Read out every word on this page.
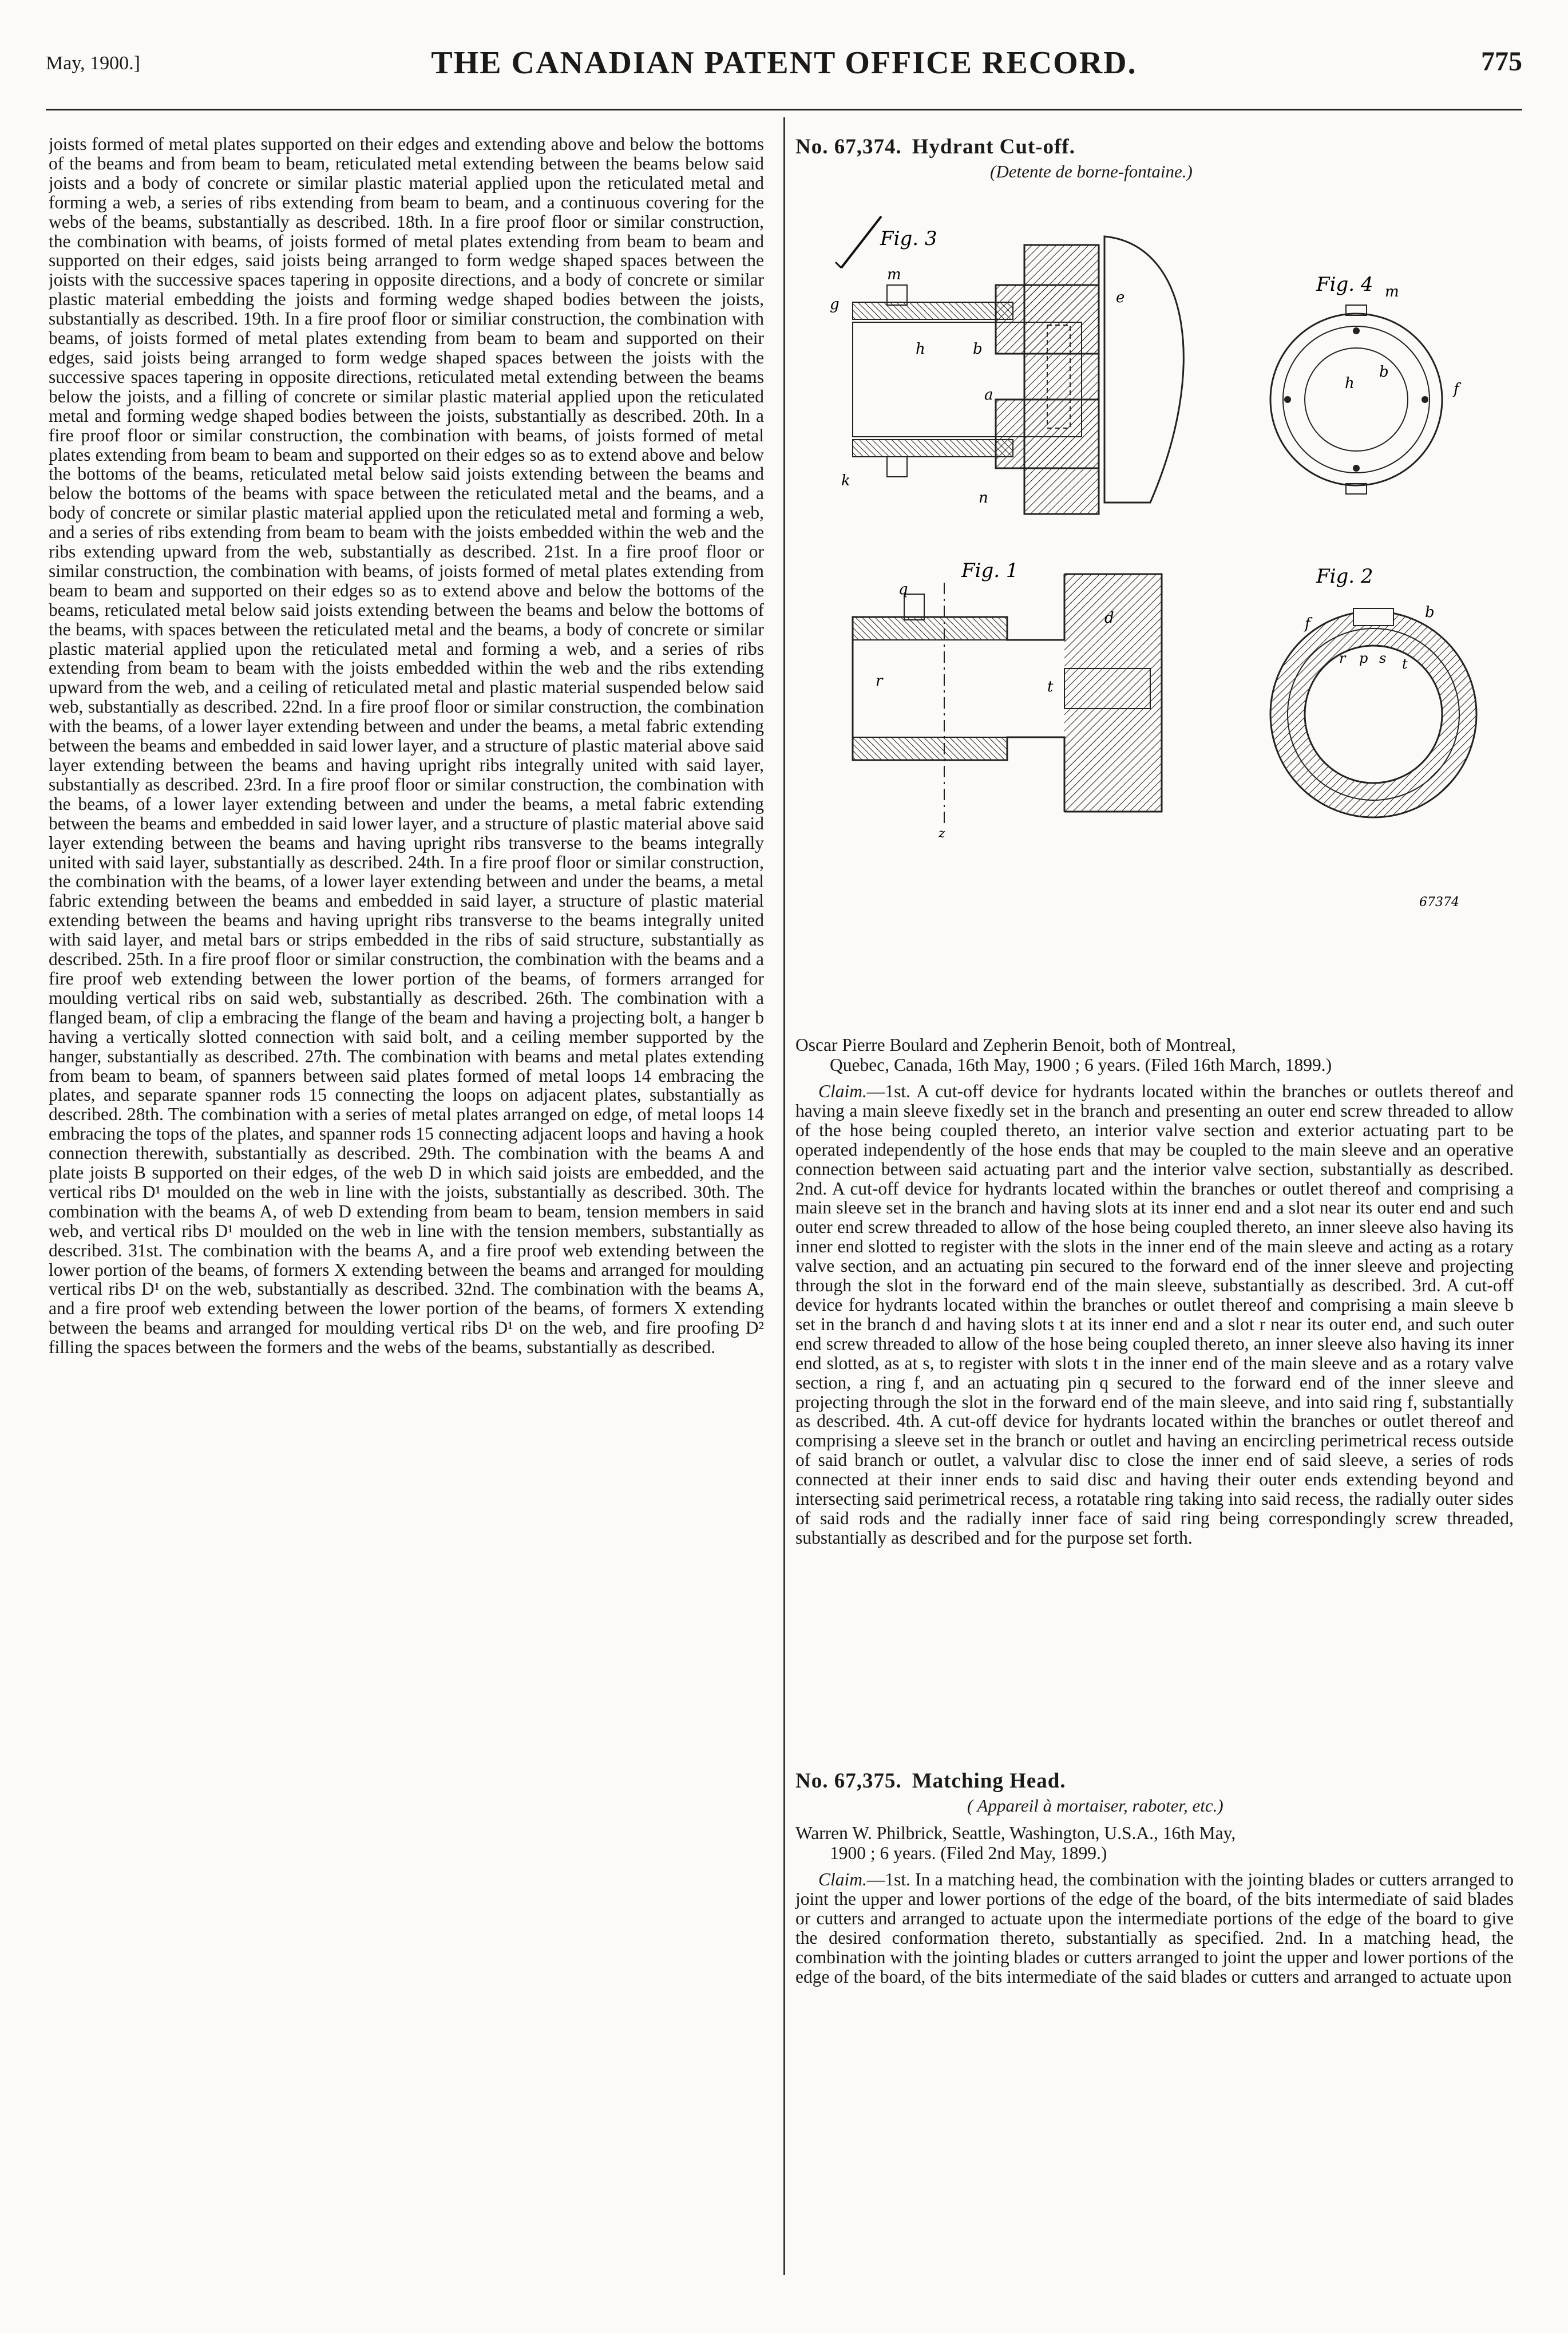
May, 1900.]	THE CANADIAN PATENT OFFICE RECORD.	775

joists formed of metal plates supported on their edges and extending above and below the bottoms of the beams and from beam to beam, reticulated metal extending between the beams below said joists and a body of concrete or similar plastic material applied upon the reticulated metal and forming a web, a series of ribs extending from beam to beam, and a continuous covering for the webs of the beams, substantially as described. 18th. In a fire proof floor or similar construction, the combination with beams, of joists formed of metal plates extending from beam to beam and supported on their edges, said joists being arranged to form wedge shaped spaces between the joists with the successive spaces tapering in opposite directions, and a body of concrete or similar plastic material embedding the joists and forming wedge shaped bodies between the joists, substantially as described. 19th. In a fire proof floor or similiar construction, the combination with beams, of joists formed of metal plates extending from beam to beam and supported on their edges, said joists being arranged to form wedge shaped spaces between the joists with the successive spaces tapering in opposite directions, reticulated metal extending between the beams below the joists, and a filling of concrete or similar plastic material applied upon the reticulated metal and forming wedge shaped bodies between the joists, substantially as described. 20th. In a fire proof floor or similar construction, the combination with beams, of joists formed of metal plates extending from beam to beam and supported on their edges so as to extend above and below the bottoms of the beams, reticulated metal below said joists extending between the beams and below the bottoms of the beams with space between the reticulated metal and the beams, and a body of concrete or similar plastic material applied upon the reticulated metal and forming a web, and a series of ribs extending from beam to beam with the joists embedded within the web and the ribs extending upward from the web, substantially as described. 21st. In a fire proof floor or similar construction, the combination with beams, of joists formed of metal plates extending from beam to beam and supported on their edges so as to extend above and below the bottoms of the beams, reticulated metal below said joists extending between the beams and below the bottoms of the beams, with spaces between the reticulated metal and the beams, a body of concrete or similar plastic material applied upon the reticulated metal and forming a web, and a series of ribs extending from beam to beam with the joists embedded within the web and the ribs extending upward from the web, and a ceiling of reticulated metal and plastic material suspended below said web, substantially as described. 22nd. In a fire proof floor or similar construction, the combination with the beams, of a lower layer extending between and under the beams, a metal fabric extending between the beams and embedded in said lower layer, and a structure of plastic material above said layer extending between the beams and having upright ribs integrally united with said layer, substantially as described. 23rd. In a fire proof floor or similar construction, the combination with the beams, of a lower layer extending between and under the beams, a metal fabric extending between the beams and embedded in said lower layer, and a structure of plastic material above said layer extending between the beams and having upright ribs transverse to the beams integrally united with said layer, substantially as described. 24th. In a fire proof floor or similar construction, the combination with the beams, of a lower layer extending between and under the beams, a metal fabric extending between the beams and embedded in said layer, a structure of plastic material extending between the beams and having upright ribs transverse to the beams integrally united with said layer, and metal bars or strips embedded in the ribs of said structure, substantially as described. 25th. In a fire proof floor or similar construction, the combination with the beams and a fire proof web extending between the lower portion of the beams, of formers arranged for moulding vertical ribs on said web, substantially as described. 26th. The combination with a flanged beam, of clip a embracing the flange of the beam and having a projecting bolt, a hanger b having a vertically slotted connection with said bolt, and a ceiling member supported by the hanger, substantially as described. 27th. The combination with beams and metal plates extending from beam to beam, of spanners between said plates formed of metal loops 14 embracing the plates, and separate spanner rods 15 connecting the loops on adjacent plates, substantially as described. 28th. The combination with a series of metal plates arranged on edge, of metal loops 14 embracing the tops of the plates, and spanner rods 15 connecting adjacent loops and having a hook connection therewith, substantially as described. 29th. The combination with the beams A and plate joists B supported on their edges, of the web D in which said joists are embedded, and the vertical ribs D¹ moulded on the web in line with the joists, substantially as described. 30th. The combination with the beams A, of web D extending from beam to beam, tension members in said web, and vertical ribs D¹ moulded on the web in line with the tension members, substantially as described. 31st. The combination with the beams A, and a fire proof web extending between the lower portion of the beams, of formers X extending between the beams and arranged for moulding vertical ribs D¹ on the web, substantially as described. 32nd. The combination with the beams A, and a fire proof web extending between the lower portion of the beams, of formers X extending between the beams and arranged for moulding vertical ribs D¹ on the web, and fire proofing D² filling the spaces between the formers and the webs of the beams, substantially as described.

No. 67,374. Hydrant Cut-off.
(Detente de borne-fontaine.)
Fig. 3
m
g	e
h	b
a
k
n
Fig. 4
h
b
f
m
Fig. 1
r	t
q
d
z
Fig. 2
f
b
r p s t
67374

Oscar Pierre Boulard and Zepherin Benoit, both of Montreal,
Quebec, Canada, 16th May, 1900 ; 6 years. (Filed 16th March, 1899.)

Claim.—1st. A cut-off device for hydrants located within the branches or outlets thereof and having a main sleeve fixedly set in the branch and presenting an outer end screw threaded to allow of the hose being coupled thereto, an interior valve section and exterior actuating part to be operated independently of the hose ends that may be coupled to the main sleeve and an operative connection between said actuating part and the interior valve section, substantially as described. 2nd. A cut-off device for hydrants located within the branches or outlet thereof and comprising a main sleeve set in the branch and having slots at its inner end and a slot near its outer end and such outer end screw threaded to allow of the hose being coupled thereto, an inner sleeve also having its inner end slotted to register with the slots in the inner end of the main sleeve and acting as a rotary valve section, and an actuating pin secured to the forward end of the inner sleeve and projecting through the slot in the forward end of the main sleeve, substantially as described. 3rd. A cut-off device for hydrants located within the branches or outlet thereof and comprising a main sleeve b set in the branch d and having slots t at its inner end and a slot r near its outer end, and such outer end screw threaded to allow of the hose being coupled thereto, an inner sleeve also having its inner end slotted, as at s, to register with slots t in the inner end of the main sleeve and as a rotary valve section, a ring f, and an actuating pin q secured to the forward end of the inner sleeve and projecting through the slot in the forward end of the main sleeve, and into said ring f, substantially as described. 4th. A cut-off device for hydrants located within the branches or outlet thereof and comprising a sleeve set in the branch or outlet and having an encircling perimetrical recess outside of said branch or outlet, a valvular disc to close the inner end of said sleeve, a series of rods connected at their inner ends to said disc and having their outer ends extending beyond and intersecting said perimetrical recess, a rotatable ring taking into said recess, the radially outer sides of said rods and the radially inner face of said ring being correspondingly screw threaded, substantially as described and for the purpose set forth.

No. 67,375. Matching Head.
( Appareil à mortaiser, raboter, etc.)

Warren W. Philbrick, Seattle, Washington, U.S.A., 16th May,
1900 ; 6 years. (Filed 2nd May, 1899.)

Claim.—1st. In a matching head, the combination with the jointing blades or cutters arranged to joint the upper and lower portions of the edge of the board, of the bits intermediate of said blades or cutters and arranged to actuate upon the intermediate portions of the edge of the board to give the desired conformation thereto, substantially as specified. 2nd. In a matching head, the combination with the jointing blades or cutters arranged to joint the upper and lower portions of the edge of the board, of the bits intermediate of the said blades or cutters and arranged to actuate upon
